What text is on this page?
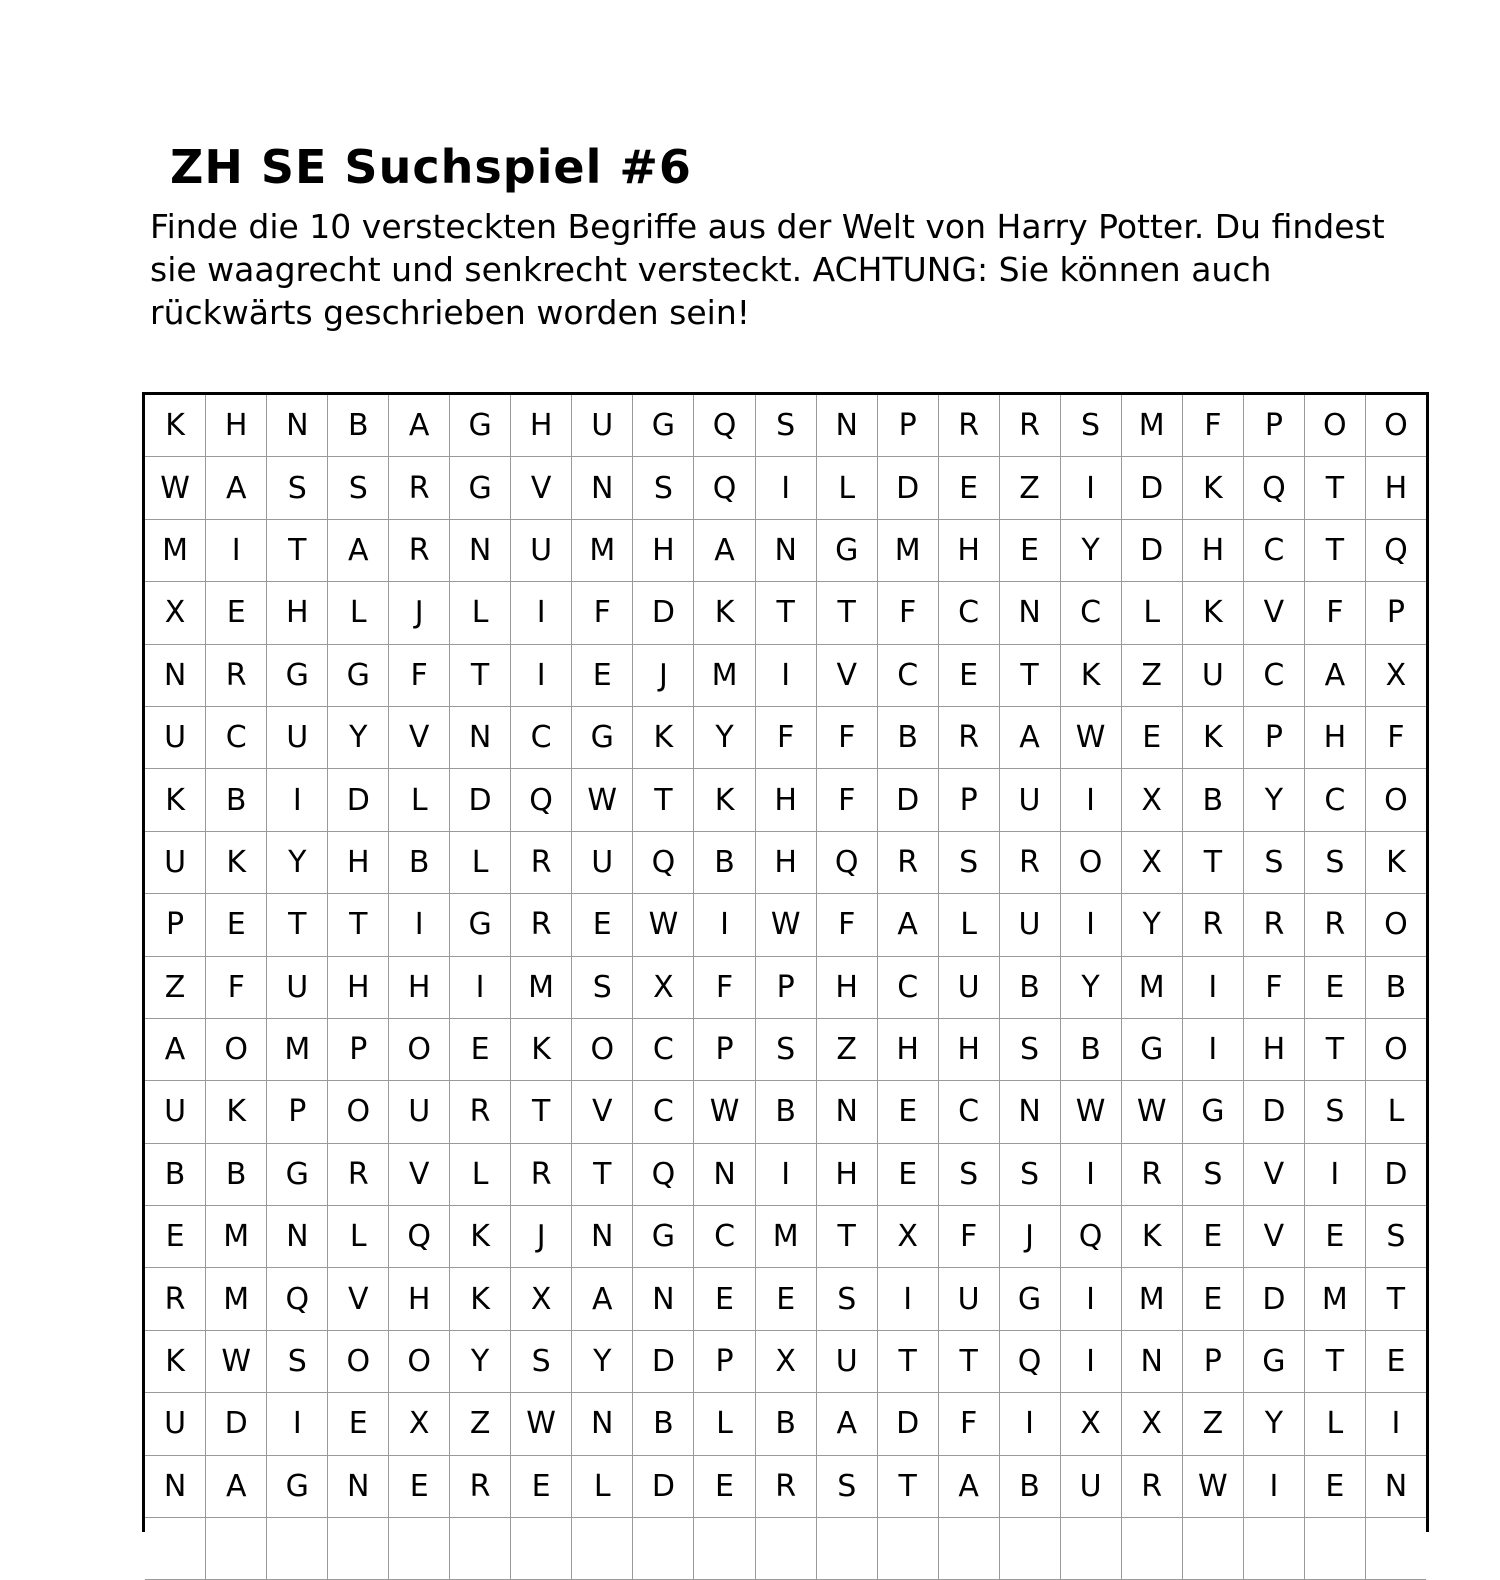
ZH SE Suchspiel #6
Finde die 10 versteckten Begriffe aus der Welt von Harry Potter. Du findest
sie waagrecht und senkrecht versteckt. ACHTUNG: Sie können auch
rückwärts geschrieben worden sein!
K	H	N	B	A	G	H	U	G	Q	S	N	P	R	R	S	M	F	P	O	O
W	A	S	S	R	G	V	N	S	Q	I	L	D	E	Z	I	D	K	Q	T	H
M	I	T	A	R	N	U	M	H	A	N	G	M	H	E	Y	D	H	C	T	Q
X	E	H	L	J	L	I	F	D	K	T	T	F	C	N	C	L	K	V	F	P
N	R	G	G	F	T	I	E	J	M	I	V	C	E	T	K	Z	U	C	A	X
U	C	U	Y	V	N	C	G	K	Y	F	F	B	R	A	W	E	K	P	H	F
K	B	I	D	L	D	Q	W	T	K	H	F	D	P	U	I	X	B	Y	C	O
U	K	Y	H	B	L	R	U	Q	B	H	Q	R	S	R	O	X	T	S	S	K
P	E	T	T	I	G	R	E	W	I	W	F	A	L	U	I	Y	R	R	R	O
Z	F	U	H	H	I	M	S	X	F	P	H	C	U	B	Y	M	I	F	E	B
A	O	M	P	O	E	K	O	C	P	S	Z	H	H	S	B	G	I	H	T	O
U	K	P	O	U	R	T	V	C	W	B	N	E	C	N	W	W	G	D	S	L
B	B	G	R	V	L	R	T	Q	N	I	H	E	S	S	I	R	S	V	I	D
E	M	N	L	Q	K	J	N	G	C	M	T	X	F	J	Q	K	E	V	E	S
R	M	Q	V	H	K	X	A	N	E	E	S	I	U	G	I	M	E	D	M	T
K	W	S	O	O	Y	S	Y	D	P	X	U	T	T	Q	I	N	P	G	T	E
U	D	I	E	X	Z	W	N	B	L	B	A	D	F	I	X	X	Z	Y	L	I
N	A	G	N	E	R	E	L	D	E	R	S	T	A	B	U	R	W	I	E	N
